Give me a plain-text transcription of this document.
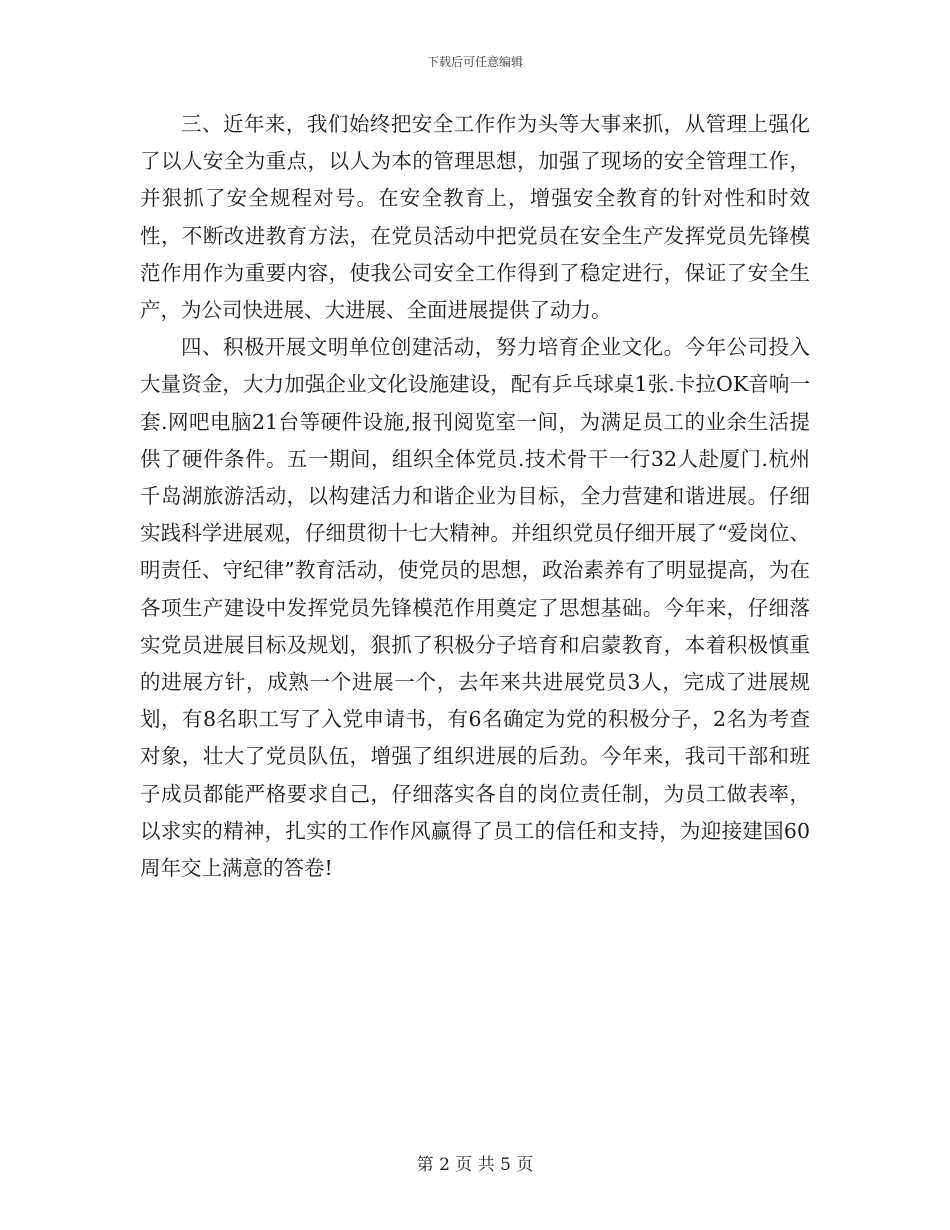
下载后可任意编辑

三、近年来，我们始终把安全工作作为头等大事来抓，从管理上强化了以人安全为重点，以人为本的管理思想，加强了现场的安全管理工作，并狠抓了安全规程对号。在安全教育上，增强安全教育的针对性和时效性，不断改进教育方法，在党员活动中把党员在安全生产发挥党员先锋模范作用作为重要内容，使我公司安全工作得到了稳定进行，保证了安全生产，为公司快进展、大进展、全面进展提供了动力。

四、积极开展文明单位创建活动，努力培育企业文化。今年公司投入大量资金，大力加强企业文化设施建设，配有乒乓球桌1张.卡拉OK音响一套.网吧电脑21台等硬件设施,报刊阅览室一间，为满足员工的业余生活提供了硬件条件。五一期间，组织全体党员.技术骨干一行32人赴厦门.杭州千岛湖旅游活动，以构建活力和谐企业为目标，全力营建和谐进展。仔细实践科学进展观，仔细贯彻十七大精神。并组织党员仔细开展了“爱岗位、明责任、守纪律”教育活动，使党员的思想，政治素养有了明显提高，为在各项生产建设中发挥党员先锋模范作用奠定了思想基础。今年来，仔细落实党员进展目标及规划，狠抓了积极分子培育和启蒙教育，本着积极慎重的进展方针，成熟一个进展一个，去年来共进展党员3人，完成了进展规划，有8名职工写了入党申请书，有6名确定为党的积极分子，2名为考查对象，壮大了党员队伍，增强了组织进展的后劲。今年来，我司干部和班子成员都能严格要求自己，仔细落实各自的岗位责任制，为员工做表率，以求实的精神，扎实的工作作风赢得了员工的信任和支持，为迎接建国60周年交上满意的答卷!

第 2 页 共 5 页
